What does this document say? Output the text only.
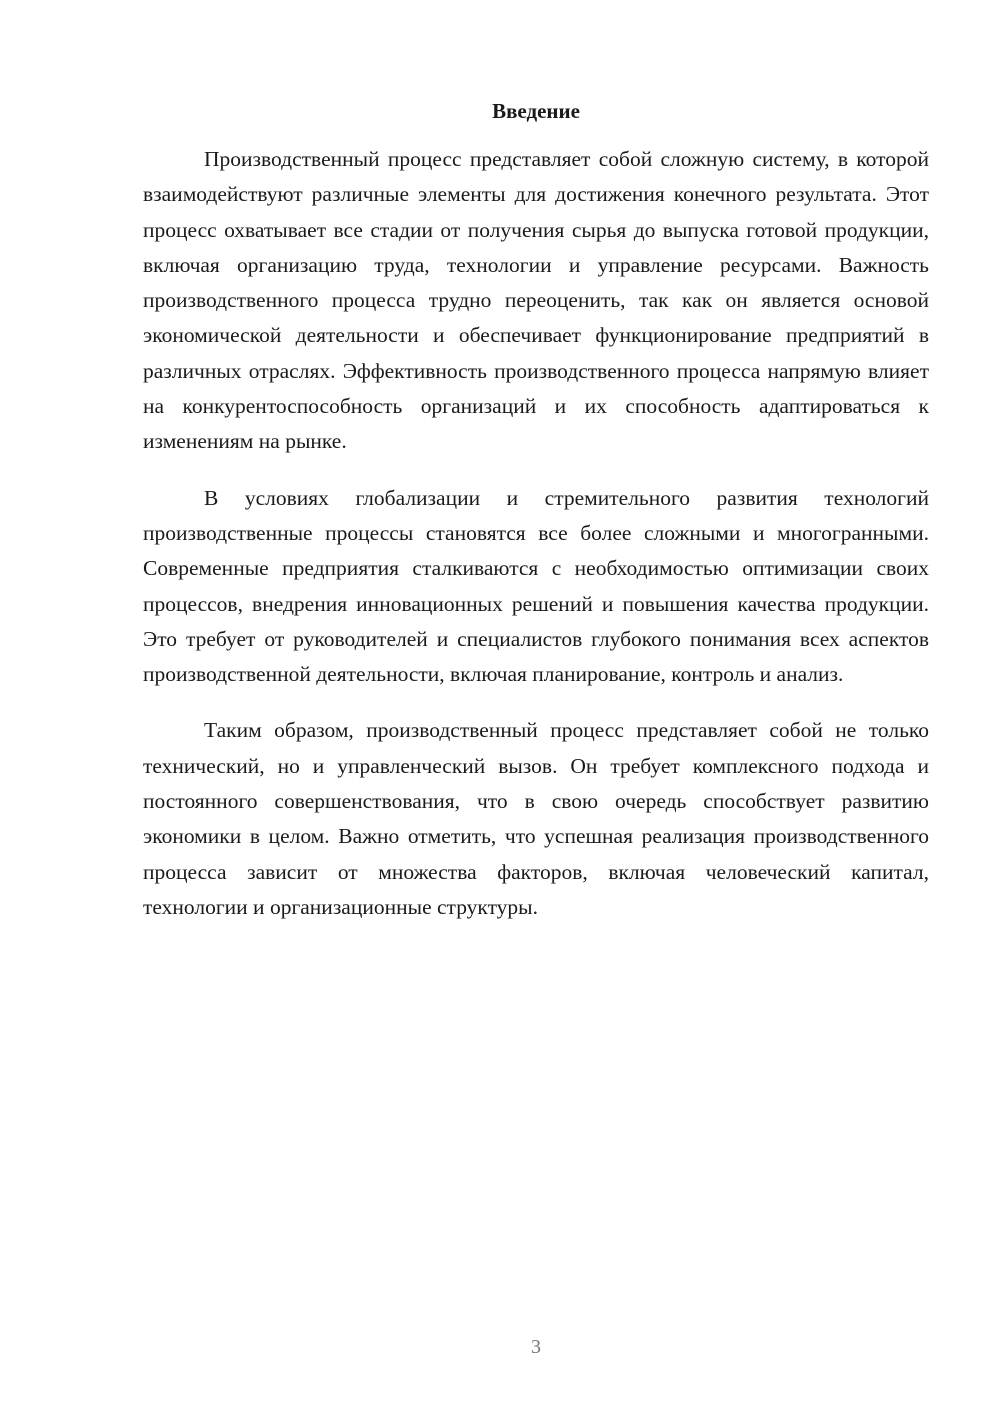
Введение

Производственный процесс представляет собой сложную систему, в которой взаимодействуют различные элементы для достижения конечного результата. Этот процесс охватывает все стадии от получения сырья до выпуска готовой продукции, включая организацию труда, технологии и управление ресурсами. Важность производственного процесса трудно переоценить, так как он является основой экономической деятельности и обеспечивает функционирование предприятий в различных отраслях. Эффективность производственного процесса напрямую влияет на конкурентоспособность организаций и их способность адаптироваться к изменениям на рынке.

В условиях глобализации и стремительного развития технологий производственные процессы становятся все более сложными и многогранными. Современные предприятия сталкиваются с необходимостью оптимизации своих процессов, внедрения инновационных решений и повышения качества продукции. Это требует от руководителей и специалистов глубокого понимания всех аспектов производственной деятельности, включая планирование, контроль и анализ.

Таким образом, производственный процесс представляет собой не только технический, но и управленческий вызов. Он требует комплексного подхода и постоянного совершенствования, что в свою очередь способствует развитию экономики в целом. Важно отметить, что успешная реализация производственного процесса зависит от множества факторов, включая человеческий капитал, технологии и организационные структуры.

3
